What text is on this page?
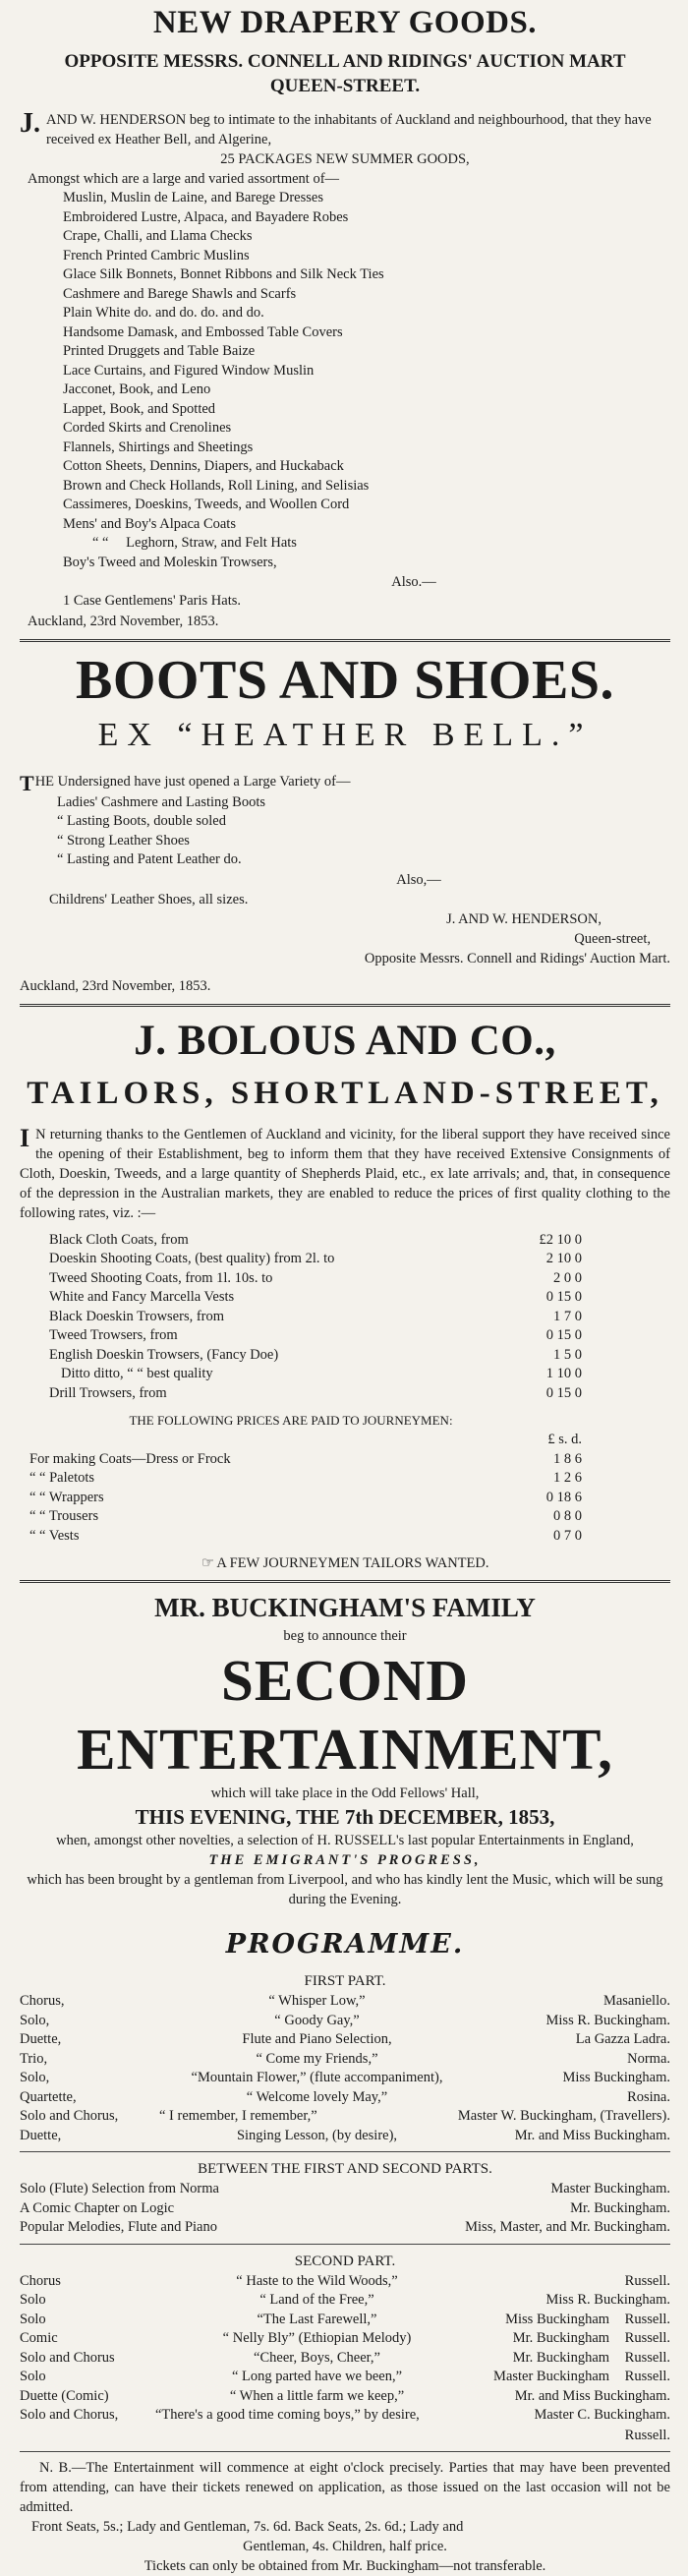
NEW DRAPERY GOODS.
OPPOSITE MESSRS. CONNELL AND RIDINGS' AUCTION MART
QUEEN-STREET.
J. AND W. HENDERSON beg to intimate to the inhabitants of Auckland and neighbourhood, that they have received ex Heather Bell, and Algerine,
25 PACKAGES NEW SUMMER GOODS,
Amongst which are a large and varied assortment of—
Muslin, Muslin de Laine, and Barege Dresses
Embroidered Lustre, Alpaca, and Bayadere Robes
Crape, Challi, and Llama Checks
French Printed Cambric Muslins
Glace Silk Bonnets, Bonnet Ribbons and Silk Neck Ties
Cashmere and Barege Shawls and Scarfs
Plain White do. and do. do. and do.
Handsome Damask, and Embossed Table Covers
Printed Druggets and Table Baize
Lace Curtains, and Figured Window Muslin
Jacconet, Book, and Leno
Lappet, Book, and Spotted
Corded Skirts and Crenolines
Flannels, Shirtings and Sheetings
Cotton Sheets, Dennins, Diapers, and Huckaback
Brown and Check Hollands, Roll Lining, and Selisias
Cassimeres, Doeskins, Tweeds, and Woollen Cord
Mens' and Boy's Alpaca Coats
“ “ Leghorn, Straw, and Felt Hats
Boy's Tweed and Moleskin Trowsers,
Also.—
1 Case Gentlemens' Paris Hats.
Auckland, 23rd November, 1853.
BOOTS AND SHOES.
EX “HEATHER BELL.”
T HE Undersigned have just opened a Large Variety of—
Ladies' Cashmere and Lasting Boots
“ Lasting Boots, double soled
“ Strong Leather Shoes
“ Lasting and Patent Leather do.
Also,—
Childrens' Leather Shoes, all sizes.
J. AND W. HENDERSON,
Queen-street,
Opposite Messrs. Connell and Ridings' Auction Mart.
Auckland, 23rd November, 1853.
J. BOLOUS AND CO.,
TAILORS, SHORTLAND-STREET,
I N returning thanks to the Gentlemen of Auckland and vicinity, for the liberal support they have received since the opening of their Establishment, beg to inform them that they have received Extensive Consignments of Cloth, Doeskin, Tweeds, and a large quantity of Shepherds Plaid, etc., ex late arrivals; and, that, in consequence of the depression in the Australian markets, they are enabled to reduce the prices of first quality clothing to the following rates, viz. :—
Black Cloth Coats, from	£2 10 0
Doeskin Shooting Coats, (best quality) from 2l. to	2 10 0
Tweed Shooting Coats, from 1l. 10s. to	2 0 0
White and Fancy Marcella Vests	0 15 0
Black Doeskin Trowsers, from	1 7 0
Tweed Trowsers, from	0 15 0
English Doeskin Trowsers, (Fancy Doe)	1 5 0
Ditto ditto, “ “ best quality	1 10 0
Drill Trowsers, from	0 15 0
THE FOLLOWING PRICES ARE PAID TO JOURNEYMEN:
£ s. d.
For making Coats—Dress or Frock	1 8 6
“ “ Paletots	1 2 6
“ “ Wrappers	0 18 6
“ “ Trousers	0 8 0
“ “ Vests	0 7 0
☜ A FEW JOURNEYMEN TAILORS WANTED.
MR. BUCKINGHAM'S FAMILY
beg to announce their
SECOND ENTERTAINMENT,
which will take place in the Odd Fellows' Hall,
THIS EVENING, THE 7th DECEMBER, 1853,
when, amongst other novelties, a selection of H. RUSSELL's last popular Entertainments in England,
THE EMIGRANT'S PROGRESS,
which has been brought by a gentleman from Liverpool, and who has kindly lent the Music, which will be sung during the Evening.
PROGRAMME.
FIRST PART.
Chorus,	“ Whisper Low,”	Masaniello.
Solo,	“ Goody Gay,”	Miss R. Buckingham.
Duette,	Flute and Piano Selection,	La Gazza Ladra.
Trio,	“ Come my Friends,”	Norma.
Solo,	“Mountain Flower,” (flute accompaniment),	Miss Buckingham.
Quartette,	“ Welcome lovely May,”	Rosina.
Solo and Chorus,	“ I remember, I remember,”	Master W. Buckingham, (Travellers).
Duette,	Singing Lesson, (by desire),	Mr. and Miss Buckingham.
BETWEEN THE FIRST AND SECOND PARTS.
Solo (Flute) Selection from Norma	Master Buckingham.
A Comic Chapter on Logic	Mr. Buckingham.
Popular Melodies, Flute and Piano	Miss, Master, and Mr. Buckingham.
SECOND PART.
Chorus	“ Haste to the Wild Woods,”	Russell.
Solo	“ Land of the Free,”	Miss R. Buckingham.
Solo	“The Last Farewell,”	Miss Buckingham Russell.
Comic	“ Nelly Bly” (Ethiopian Melody)	Mr. Buckingham Russell.
Solo and Chorus	“Cheer, Boys, Cheer,”	Mr. Buckingham Russell.
Solo	“ Long parted have we been,”	Master Buckingham Russell.
Duette (Comic)	“ When a little farm we keep,”	Mr. and Miss Buckingham.
Solo and Chorus,	“There's a good time coming boys,” by desire,	Master C. Buckingham.
Russell.
N. B.—The Entertainment will commence at eight o'clock precisely. Parties that may have been prevented from attending, can have their tickets renewed on application, as those issued on the last occasion will not be admitted.
Front Seats, 5s.; Lady and Gentleman, 7s. 6d. Back Seats, 2s. 6d.; Lady and
Gentleman, 4s. Children, half price.
Tickets can only be obtained from Mr. Buckingham—not transferable.
